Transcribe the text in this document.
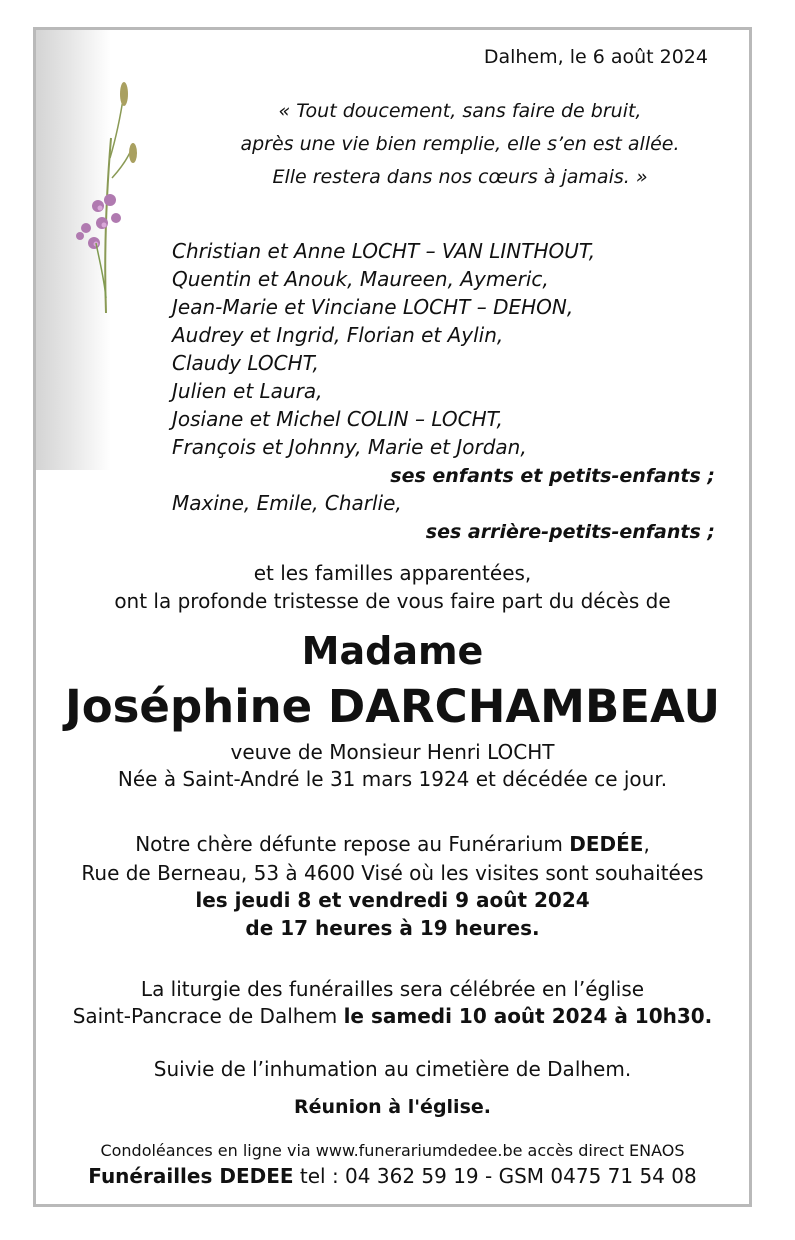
Dalhem, le 6 août 2024
« Tout doucement, sans faire de bruit,
après une vie bien remplie, elle s’en est allée.
Elle restera dans nos cœurs à jamais. »
Christian et Anne LOCHT – VAN LINTHOUT,
Quentin et Anouk, Maureen, Aymeric,
Jean-Marie et Vinciane LOCHT – DEHON,
Audrey et Ingrid, Florian et Aylin,
Claudy LOCHT,
Julien et Laura,
Josiane et Michel COLIN – LOCHT,
François et Johnny, Marie et Jordan,
ses enfants et petits-enfants ;
Maxine, Emile, Charlie,
ses arrière-petits-enfants ;
et les familles apparentées,
ont la profonde tristesse de vous faire part du décès de
Madame
Joséphine DARCHAMBEAU
veuve de Monsieur Henri LOCHT
Née à Saint-André le 31 mars 1924 et décédée ce jour.
Notre chère défunte repose au Funérarium DEDÉE,
Rue de Berneau, 53 à 4600 Visé où les visites sont souhaitées
les jeudi 8 et vendredi 9 août 2024
de 17 heures à 19 heures.
La liturgie des funérailles sera célébrée en l’église
Saint-Pancrace de Dalhem le samedi 10 août 2024 à 10h30.
Suivie de l’inhumation au cimetière de Dalhem.
Réunion à l'église.
Condoléances en ligne via www.funerariumdedee.be accès direct ENAOS
Funérailles DEDEE tel : 04 362 59 19 - GSM 0475 71 54 08
